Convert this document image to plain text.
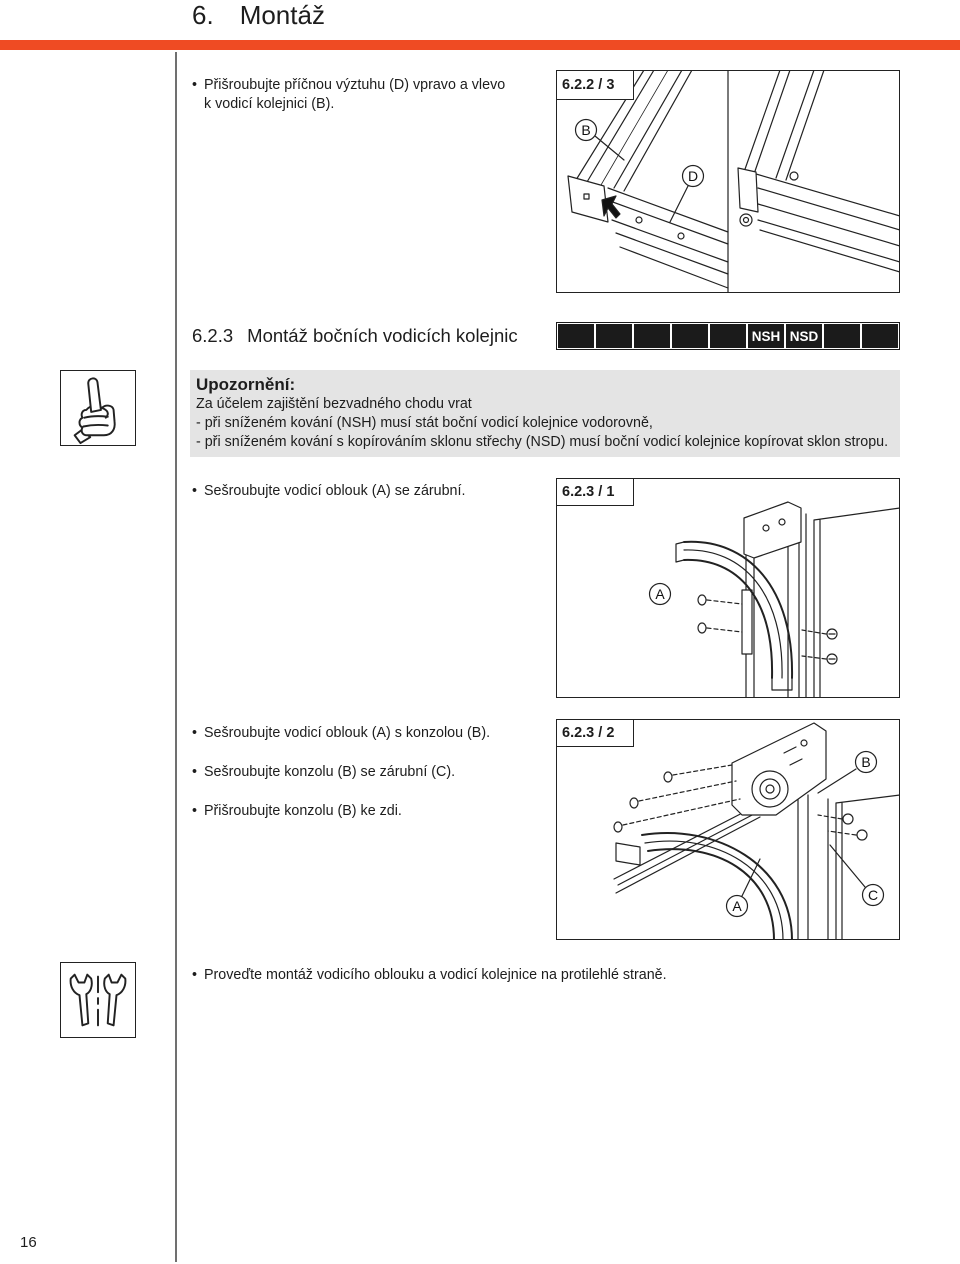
6. Montáž
• Přišroubujte příčnou výztuhu (D) vpravo a vlevo k vodicí kolejnici (B).
B
D
6.2.2 / 3
6.2.3 Montáž bočních vodicích kolejnic	NSH NSD
Upozornění:
Za účelem zajištění bezvadného chodu vrat
- při sníženém kování (NSH) musí stát boční vodicí kolejnice vodorovně,
- při sníženém kování s kopírováním sklonu střechy (NSD) musí boční vodicí kolejnice kopírovat sklon stropu.
• Sešroubujte vodicí oblouk (A) se zárubní.
A
6.2.3 / 1
• Sešroubujte vodicí oblouk (A) s konzolou (B).
• Sešroubujte konzolu (B) se zárubní (C).
• Přišroubujte konzolu (B) ke zdi.
B
C
A
6.2.3 / 2
• Proveďte montáž vodicího oblouku a vodicí kolejnice na protilehlé straně.
16
